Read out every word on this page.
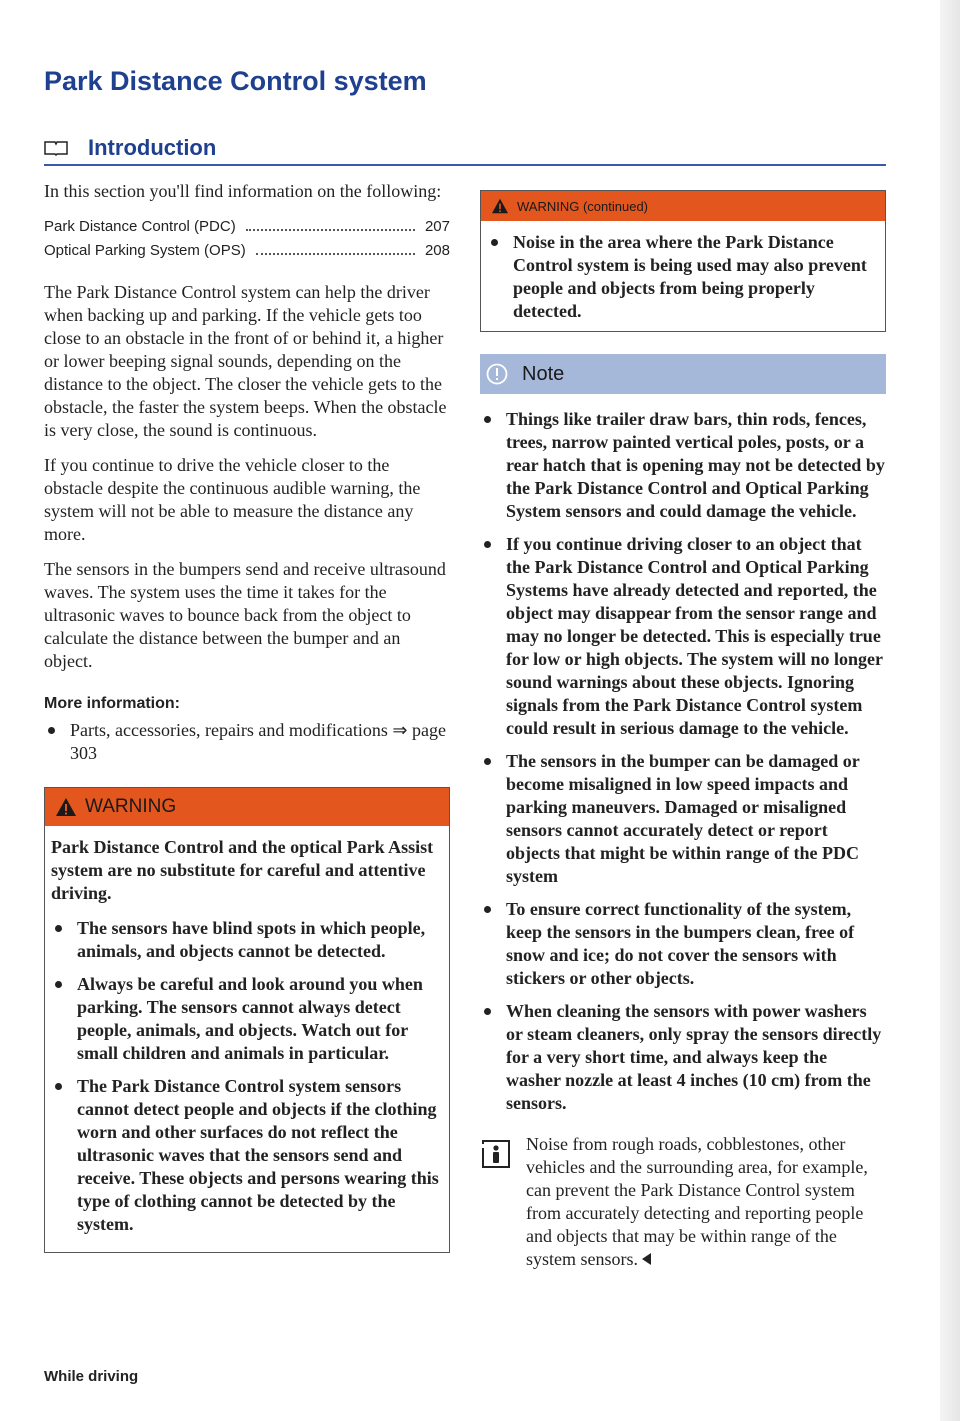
Park Distance Control system
Introduction

In this section you'll find information on the following:

Park Distance Control (PDC)	207
Optical Parking System (OPS)	208

The Park Distance Control system can help the driver when backing up and parking. If the vehicle gets too close to an obstacle in the front of or behind it, a higher or lower beeping signal sounds, depending on the distance to the object. The closer the vehicle gets to the obstacle, the faster the system beeps. When the obstacle is very close, the sound is continuous.

If you continue to drive the vehicle closer to the obstacle despite the continuous audible warning, the system will not be able to measure the distance any more.

The sensors in the bumpers send and receive ultrasound waves. The system uses the time it takes for the ultrasonic waves to bounce back from the object to calculate the distance between the bumper and an object.

More information:
Parts, accessories, repairs and modifications ⇒ page 303
WARNING

Park Distance Control and the optical Park Assist system are no substitute for careful and attentive driving.

The sensors have blind spots in which people, animals, and objects cannot be detected.
Always be careful and look around you when parking. The sensors cannot always detect people, animals, and objects. Watch out for small children and animals in particular.
The Park Distance Control system sensors cannot detect people and objects if the clothing worn and other surfaces do not reflect the ultrasonic waves that the sensors send and receive. These objects and persons wearing this type of clothing cannot be detected by the system.
WARNING (continued)
Noise in the area where the Park Distance Control system is being used may also prevent people and objects from being properly detected.
Note
Things like trailer draw bars, thin rods, fences, trees, narrow painted vertical poles, posts, or a rear hatch that is opening may not be detected by the Park Distance Control and Optical Parking System sensors and could damage the vehicle.
If you continue driving closer to an object that the Park Distance Control and Optical Parking Systems have already detected and reported, the object may disappear from the sensor range and may no longer be detected. This is especially true for low or high objects. The system will no longer sound warnings about these objects. Ignoring signals from the Park Distance Control system could result in serious damage to the vehicle.
The sensors in the bumper can be damaged or become misaligned in low speed impacts and parking maneuvers. Damaged or misaligned sensors cannot accurately detect or report objects that might be within range of the PDC system
To ensure correct functionality of the system, keep the sensors in the bumpers clean, free of snow and ice; do not cover the sensors with stickers or other objects.
When cleaning the sensors with power washers or steam cleaners, only spray the sensors directly for a very short time, and always keep the washer nozzle at least 4 inches (10 cm) from the sensors.
Noise from rough roads, cobblestones, other vehicles and the surrounding area, for example, can prevent the Park Distance Control system from accurately detecting and reporting people and objects that may be within range of the system sensors.
While driving
